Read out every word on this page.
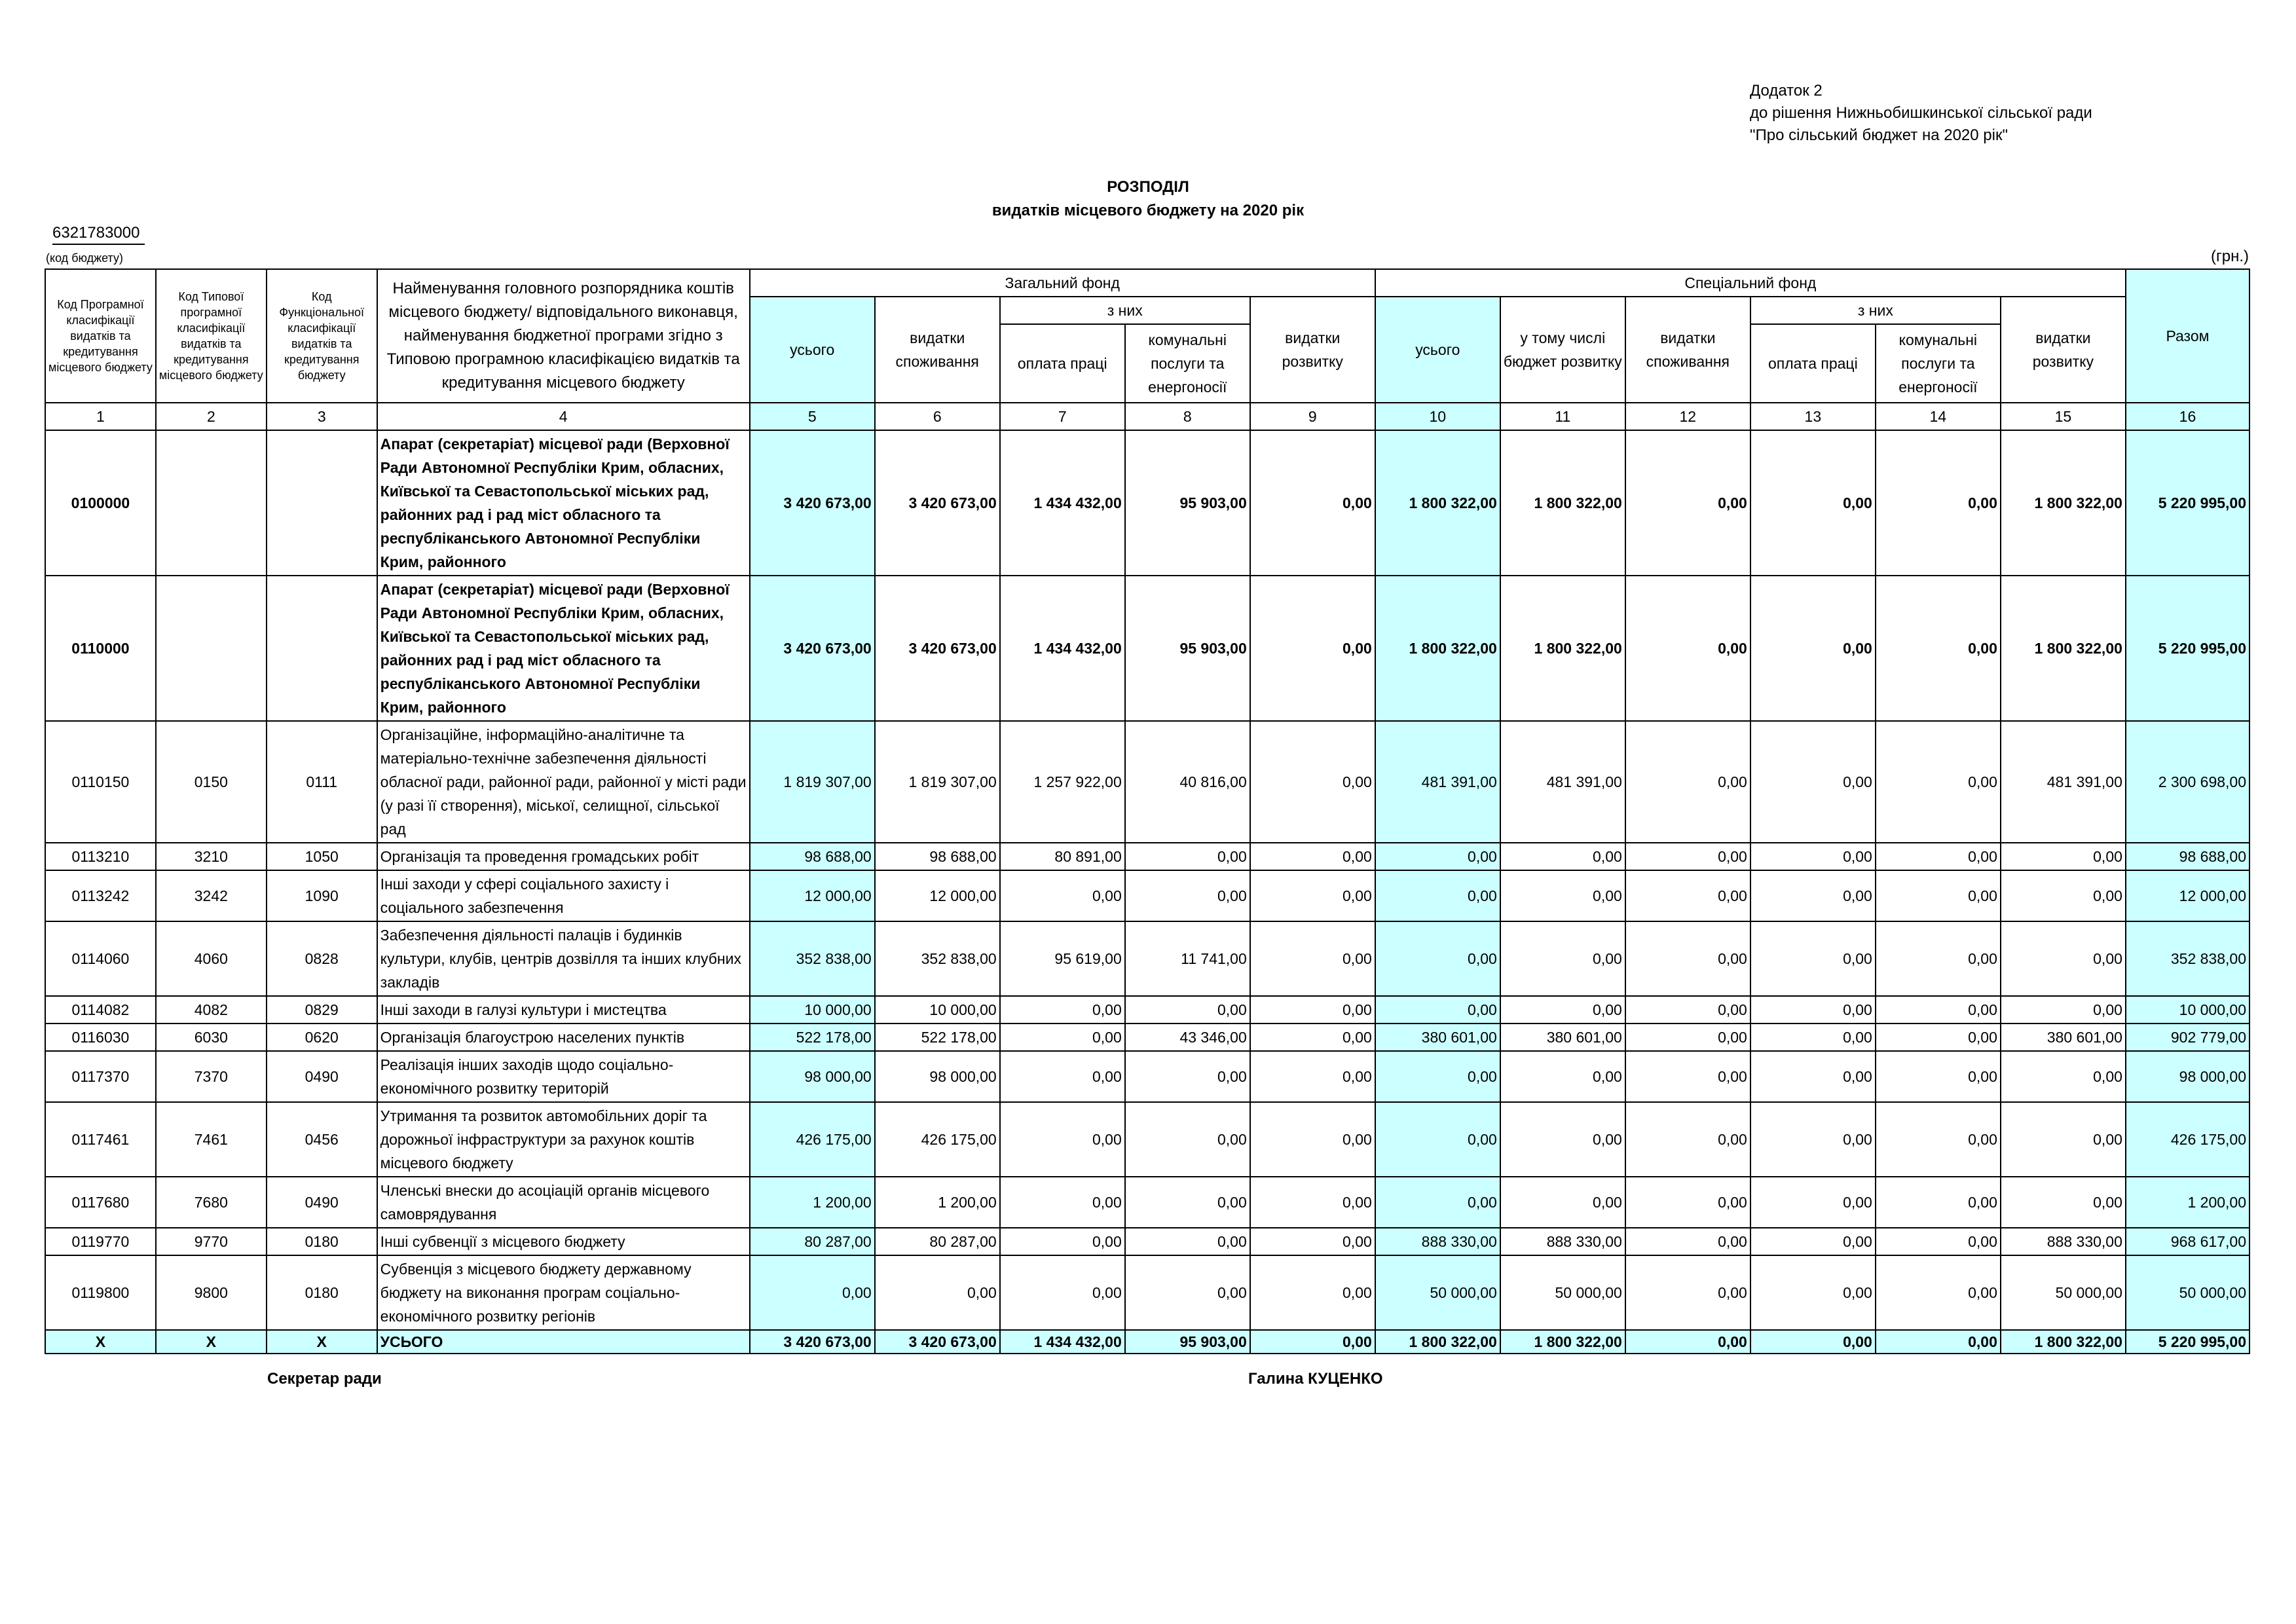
Додаток 2
до рішення Нижньобишкинської сільської ради
"Про сільський бюджет на 2020 рік"
РОЗПОДІЛ
видатків місцевого бюджету на 2020 рік
6321783000
(код бюджету)	(грн.)
Код Програмної класифікації видатків та кредитування місцевого бюджету	Код Типової програмної класифікації видатків та кредитування місцевого бюджету	Код Функціональної класифікації видатків та кредитування бюджету	Найменування головного розпорядника коштів місцевого бюджету/ відповідального виконавця, найменування бюджетної програми згідно з Типовою програмною класифікацією видатків та кредитування місцевого бюджету	Загальний фонд					Спеціальний фонд						Разом
				усього	видатки споживання	з них		видатки розвитку	усього	у тому числі бюджет розвитку	видатки споживання	з них		видатки розвитку	
						оплата праці	комунальні послуги та енергоносії					оплата праці	комунальні послуги та енергоносії		
1	2	3	4	5	6	7	8	9	10	11	12	13	14	15	16
0100000			Апарат (секретаріат) місцевої ради (Верховної Ради Автономної Республіки Крим, обласних, Київської та Севастопольської міських рад, районних рад і рад міст обласного та республіканського Автономної Республіки Крим, районного	3 420 673,00	3 420 673,00	1 434 432,00	95 903,00	0,00	1 800 322,00	1 800 322,00	0,00	0,00	0,00	1 800 322,00	5 220 995,00
0110000			Апарат (секретаріат) місцевої ради (Верховної Ради Автономної Республіки Крим, обласних, Київської та Севастопольської міських рад, районних рад і рад міст обласного та республіканського Автономної Республіки Крим, районного	3 420 673,00	3 420 673,00	1 434 432,00	95 903,00	0,00	1 800 322,00	1 800 322,00	0,00	0,00	0,00	1 800 322,00	5 220 995,00
0110150	0150	0111	Організаційне, інформаційно-аналітичне та матеріально-технічне забезпечення діяльності обласної ради, районної ради, районної у місті ради (у разі її створення), міської, селищної, сільської рад	1 819 307,00	1 819 307,00	1 257 922,00	40 816,00	0,00	481 391,00	481 391,00	0,00	0,00	0,00	481 391,00	2 300 698,00
0113210	3210	1050	Організація та проведення громадських робіт	98 688,00	98 688,00	80 891,00	0,00	0,00	0,00	0,00	0,00	0,00	0,00	0,00	98 688,00
0113242	3242	1090	Інші заходи у сфері соціального захисту і соціального забезпечення	12 000,00	12 000,00	0,00	0,00	0,00	0,00	0,00	0,00	0,00	0,00	0,00	12 000,00
0114060	4060	0828	Забезпечення діяльності палаців і будинків культури, клубів, центрів дозвілля та інших клубних закладів	352 838,00	352 838,00	95 619,00	11 741,00	0,00	0,00	0,00	0,00	0,00	0,00	0,00	352 838,00
0114082	4082	0829	Інші заходи в галузі культури і мистецтва	10 000,00	10 000,00	0,00	0,00	0,00	0,00	0,00	0,00	0,00	0,00	0,00	10 000,00
0116030	6030	0620	Організація благоустрою населених пунктів	522 178,00	522 178,00	0,00	43 346,00	0,00	380 601,00	380 601,00	0,00	0,00	0,00	380 601,00	902 779,00
0117370	7370	0490	Реалізація інших заходів щодо соціально-економічного розвитку територій	98 000,00	98 000,00	0,00	0,00	0,00	0,00	0,00	0,00	0,00	0,00	0,00	98 000,00
0117461	7461	0456	Утримання та розвиток автомобільних доріг та дорожньої інфраструктури за рахунок коштів місцевого бюджету	426 175,00	426 175,00	0,00	0,00	0,00	0,00	0,00	0,00	0,00	0,00	0,00	426 175,00
0117680	7680	0490	Членські внески до асоціацій органів місцевого самоврядування	1 200,00	1 200,00	0,00	0,00	0,00	0,00	0,00	0,00	0,00	0,00	0,00	1 200,00
0119770	9770	0180	Інші субвенції з місцевого бюджету	80 287,00	80 287,00	0,00	0,00	0,00	888 330,00	888 330,00	0,00	0,00	0,00	888 330,00	968 617,00
0119800	9800	0180	Субвенція з місцевого бюджету державному бюджету на виконання програм соціально-економічного розвитку регіонів	0,00	0,00	0,00	0,00	0,00	50 000,00	50 000,00	0,00	0,00	0,00	50 000,00	50 000,00
X	X	X	УСЬОГО	3 420 673,00	3 420 673,00	1 434 432,00	95 903,00	0,00	1 800 322,00	1 800 322,00	0,00	0,00	0,00	1 800 322,00	5 220 995,00
Секретар ради	Галина КУЦЕНКО
